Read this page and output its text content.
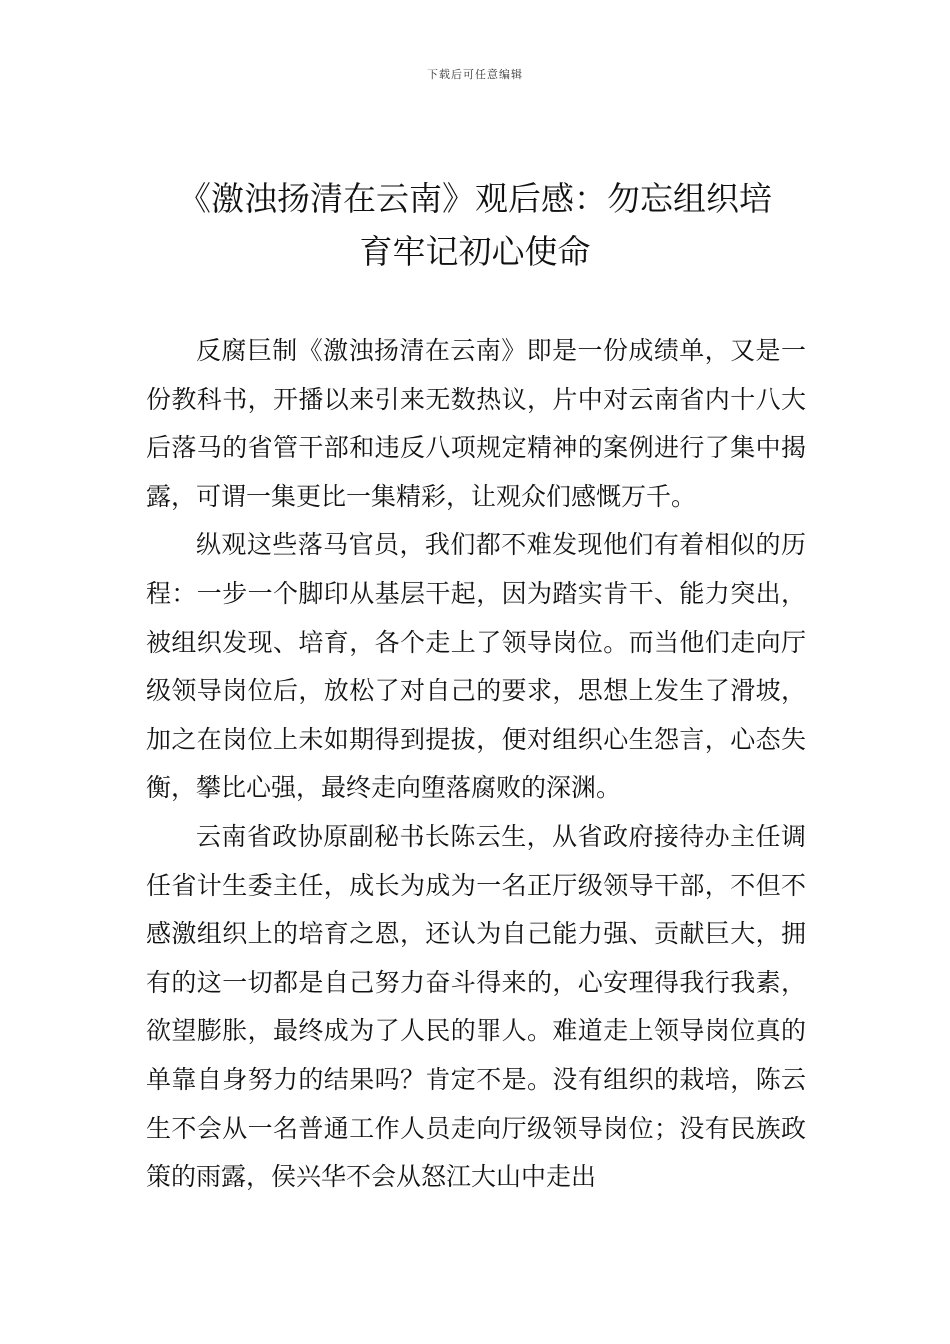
下载后可任意编辑
《激浊扬清在云南》观后感：勿忘组织培
育牢记初心使命

反腐巨制《激浊扬清在云南》即是一份成绩单，又是一份教科书，开播以来引来无数热议，片中对云南省内十八大后落马的省管干部和违反八项规定精神的案例进行了集中揭露，可谓一集更比一集精彩，让观众们感慨万千。

纵观这些落马官员，我们都不难发现他们有着相似的历程：一步一个脚印从基层干起，因为踏实肯干、能力突出，被组织发现、培育，各个走上了领导岗位。而当他们走向厅级领导岗位后，放松了对自己的要求，思想上发生了滑坡，加之在岗位上未如期得到提拔，便对组织心生怨言，心态失衡，攀比心强，最终走向堕落腐败的深渊。

云南省政协原副秘书长陈云生，从省政府接待办主任调任省计生委主任，成长为成为一名正厅级领导干部，不但不感激组织上的培育之恩，还认为自己能力强、贡献巨大，拥有的这一切都是自己努力奋斗得来的，心安理得我行我素，欲望膨胀，最终成为了人民的罪人。难道走上领导岗位真的单靠自身努力的结果吗？肯定不是。没有组织的栽培，陈云生不会从一名普通工作人员走向厅级领导岗位；没有民族政策的雨露，侯兴华不会从怒江大山中走出
